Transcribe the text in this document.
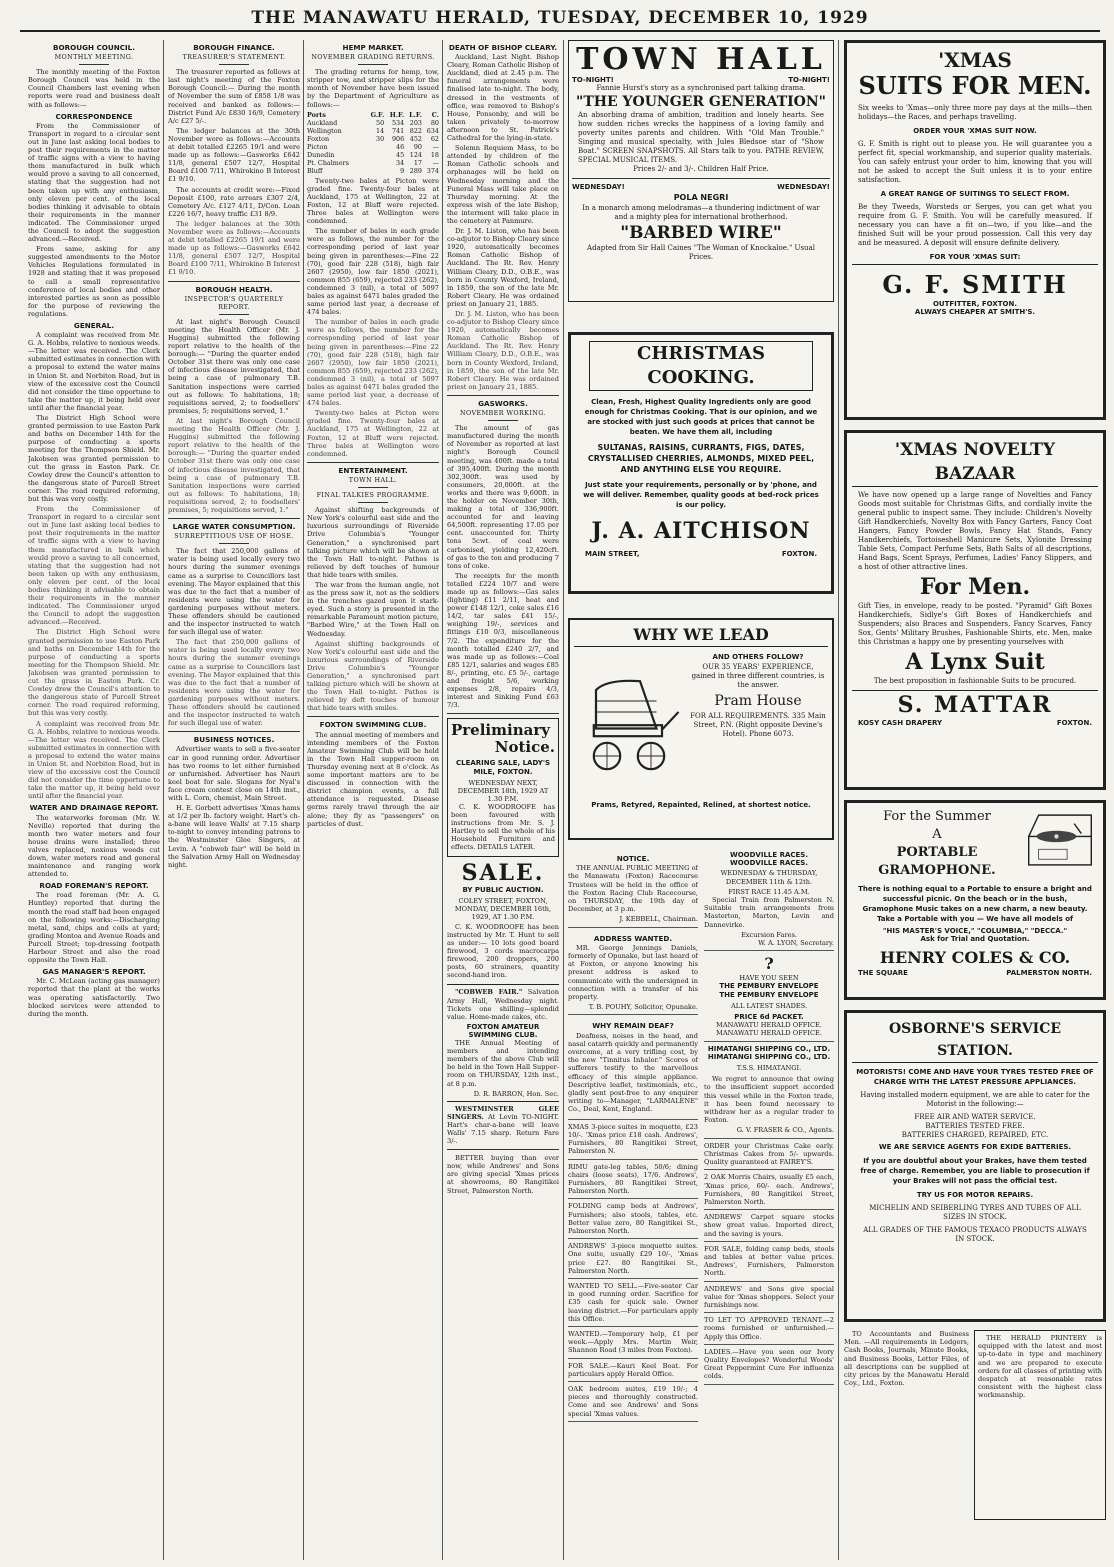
THE MANAWATU HERALD, TUESDAY, DECEMBER 10, 1929
BOROUGH COUNCIL.
MONTHLY MEETING.

The monthly meeting of the Foxton Borough Council was held in the Council Chambers last evening when reports were read and business dealt with as follows:—

CORRESPONDENCE

From the Commissioner of Transport in regard to a circular sent out in June last asking local bodies to post their requirements in the matter of traffic signs with a view to having them manufactured in bulk which would prove a saving to all concerned, stating that the suggestion had not been taken up with any enthusiasm, only eleven per cent. of the local bodies thinking it advisable to obtain their requirements in the manner indicated. The Commissioner urged the Council to adopt the suggestion advanced.—Received.

From same, asking for any suggested amendments to the Motor Vehicles Regulations formulated in 1928 and stating that it was proposed to call a small representative conference of local bodies and other interested parties as soon as possible for the purpose of reviewing the regulations.

GENERAL.

A complaint was received from Mr. G. A. Hobbs, relative to noxious weeds.—The letter was received. The Clerk submitted estimates in connection with a proposal to extend the water mains in Union St. and Norbiton Road, but in view of the excessive cost the Council did not consider the time opportune to take the matter up, it being held over until after the financial year.

The District High School were granted permission to use Easton Park and baths on December 14th for the purpose of conducting a sports meeting for the Thompson Shield. Mr. Jakobsen was granted permission to cut the grass in Easton Park. Cr. Cowley drew the Council's attention to the dangerous state of Purcell Street corner. The road required reforming, but this was very costly.

From the Commissioner of Transport in regard to a circular sent out in June last asking local bodies to post their requirements in the matter of traffic signs with a view to having them manufactured in bulk which would prove a saving to all concerned, stating that the suggestion had not been taken up with any enthusiasm, only eleven per cent. of the local bodies thinking it advisable to obtain their requirements in the manner indicated. The Commissioner urged the Council to adopt the suggestion advanced.—Received.

The District High School were granted permission to use Easton Park and baths on December 14th for the purpose of conducting a sports meeting for the Thompson Shield. Mr. Jakobsen was granted permission to cut the grass in Easton Park. Cr. Cowley drew the Council's attention to the dangerous state of Purcell Street corner. The road required reforming, but this was very costly.

A complaint was received from Mr. G. A. Hobbs, relative to noxious weeds.—The letter was received. The Clerk submitted estimates in connection with a proposal to extend the water mains in Union St. and Norbiton Road, but in view of the excessive cost the Council did not consider the time opportune to take the matter up, it being held over until after the financial year.

WATER AND DRAINAGE REPORT.

The waterworks foreman (Mr. W. Neville) reported that during the month two water meters and four house drains were installed; three valves replaced, noxious weeds cut down, water meters read and general maintenance and ranging work attended to.

ROAD FOREMAN'S REPORT.

The road foreman (Mr. A. G. Huntley) reported that during the month the road staff had been engaged on the following works:—Discharging metal, sand, chips and coils at yard; grading Montoa and Avenue Roads and Purcell Street; top-dressing footpath Harbour Street and also the road opposite the Town Hall.

GAS MANAGER'S REPORT.

Mr. C. McLean (acting gas manager) reported that the plant at the works was operating satisfactorily. Two blocked services were attended to during the month.

BOROUGH FINANCE.
TREASURER'S STATEMENT.

The treasurer reported as follows at last night's meeting of the Foxton Borough Council:— During the month of November the sum of £858 1/8 was received and banked as follows:—District Fund A/c £830 16/9, Cemetery A/c £27 5/-.

The ledger balances at the 30th November were as follows:—Accounts at debit totalled £2265 19/1 and were made up as follows:—Gasworks £642 11/8, general £507 12/7, Hospital Board £100 7/11, Whirokino B Interest £1 9/10.

The accounts at credit were:—Fixed Deposit £100, rate arrears £307 2/4, Cemetery A/c. £127 4/11, D/Con. Loan £226 16/7, heavy traffic £31 8/9.

The ledger balances at the 30th November were as follows:—Accounts at debit totalled £2265 19/1 and were made up as follows:—Gasworks £642 11/8, general £507 12/7, Hospital Board £100 7/11, Whirokino B Interest £1 9/10.

BOROUGH HEALTH.
INSPECTOR'S QUARTERLY REPORT.

At last night's Borough Council meeting the Health Officer (Mr. J. Huggins) submitted the following report relative to the health of the borough:— "During the quarter ended October 31st there was only one case of infectious disease investigated, that being a case of pulmonary T.B. Sanitation inspections were carried out as follows: To habitations, 18; requisitions served, 2; to foodsellers' premises, 5; requisitions served, 1."

At last night's Borough Council meeting the Health Officer (Mr. J. Huggins) submitted the following report relative to the health of the borough:— "During the quarter ended October 31st there was only one case of infectious disease investigated, that being a case of pulmonary T.B. Sanitation inspections were carried out as follows: To habitations, 18; requisitions served, 2; to foodsellers' premises, 5; requisitions served, 1."

LARGE WATER CONSUMPTION.
SURREPTITIOUS USE OF HOSE.

The fact that 250,000 gallons of water is being used locally every two hours during the summer evenings came as a surprise to Councillors last evening. The Mayor explained that this was due to the fact that a number of residents were using the water for gardening purposes without meters. These offenders should be cautioned and the inspector instructed to watch for such illegal use of water.

The fact that 250,000 gallons of water is being used locally every two hours during the summer evenings came as a surprise to Councillors last evening. The Mayor explained that this was due to the fact that a number of residents were using the water for gardening purposes without meters. These offenders should be cautioned and the inspector instructed to watch for such illegal use of water.

BUSINESS NOTICES.

Advertiser wants to sell a five-seater car in good running order. Advertiser has two rooms to let either furnished or unfurnished. Advertiser has Nauri keel boat for sale. Slogans for Nyal's face cream contest close on 14th inst., with L. Corn, chemist, Main Street.

H. E. Gorbett advertises 'Xmas hams at 1/2 per lb. factory weight. Hart's ch-a-bane will leave Walls' at 7.15 sharp to-night to convey intending patrons to the Westminster Glee Singers, at Levin. A "cobweb fair" will be held in the Salvation Army Hall on Wednesday night.

HEMP MARKET.
NOVEMBER GRADING RETURNS.

The grading returns for hemp, tow, stripper tow, and stripper slips for the month of November have been issued by the Department of Agriculture as follows:—

Ports	G.F.	H.F.	L.F.	C.
Auckland	50	534	203	80
Wellington	14	741	822	634
Foxton	30	906	452	62
Picton		46	90	—
Dunedin		45	124	18
Pt. Chalmers		34	17	—
Bluff		9	289	374

Twenty-two bales at Picton were graded fine. Twenty-four bales at Auckland, 175 at Wellington, 22 at Foxton, 12 at Bluff were rejected. Three bales at Wellington were condemned.

The number of bales in each grade were as follows, the number for the corresponding period of last year being given in parentheses:—Fine 22 (70), good fair 228 (518), high fair 2607 (2950), low fair 1850 (2021), common 855 (659), rejected 233 (262), condemned 3 (nil), a total of 5097 bales as against 6471 bales graded the same period last year, a decrease of 474 bales.

The number of bales in each grade were as follows, the number for the corresponding period of last year being given in parentheses:—Fine 22 (70), good fair 228 (518), high fair 2607 (2950), low fair 1850 (2021), common 855 (659), rejected 233 (262), condemned 3 (nil), a total of 5097 bales as against 6471 bales graded the same period last year, a decrease of 474 bales.

Twenty-two bales at Picton were graded fine. Twenty-four bales at Auckland, 175 at Wellington, 22 at Foxton, 12 at Bluff were rejected. Three bales at Wellington were condemned.

ENTERTAINMENT.
TOWN HALL.
FINAL TALKIES PROGRAMME.

Against shifting backgrounds of New York's colourful east side and the luxurious surroundings of Riverside Drive Columbia's "Younger Generation," a synchronised part talking picture which will be shown at the Town Hall to-night. Pathos is relieved by deft touches of humour that hide tears with smiles.

The war from the human angle, not as the press saw it, not as the soldiers in the trenches gazed upon it stark-eyed. Such a story is presented in the remarkable Paramount motion picture, "Barbed Wire," at the Town Hall on Wednesday.

Against shifting backgrounds of New York's colourful east side and the luxurious surroundings of Riverside Drive Columbia's "Younger Generation," a synchronised part talking picture which will be shown at the Town Hall to-night. Pathos is relieved by deft touches of humour that hide tears with smiles.

FOXTON SWIMMING CLUB.

The annual meeting of members and intending members of the Foxton Amateur Swimming Club will be held in the Town Hall supper-room on Thursday evening next at 8 o'clock. As some important matters are to be discussed in connection with the district champion events, a full attendance is requested. Disease germs rarely travel through the air alone; they fly as "passengers" on particles of dust.

DEATH OF BISHOP CLEARY.

Auckland, Last Night. Bishop Cleary, Roman Catholic Bishop of Auckland, died at 2.45 p.m. The funeral arrangements were finalised late to-night. The body, dressed in the vestments of office, was removed to Bishop's House, Ponsonby, and will be taken privately to-morrow afternoon to St. Patrick's Cathedral for the lying-in-state.

Solemn Requiem Mass, to be attended by children of the Roman Catholic schools and orphanages will be held on Wednesday morning and the Funeral Mass will take place on Thursday morning. At the express wish of the late Bishop, the interment will take place in the cemetery at Panmure.

Dr. J. M. Liston, who has been co-adjutor to Bishop Cleary since 1920, automatically becomes Roman Catholic Bishop of Auckland. The Rt. Rev. Henry William Cleary, D.D., O.B.E., was born in County Wexford, Ireland, in 1859, the son of the late Mr. Robert Cleary. He was ordained priest on January 21, 1885.

Dr. J. M. Liston, who has been co-adjutor to Bishop Cleary since 1920, automatically becomes Roman Catholic Bishop of Auckland. The Rt. Rev. Henry William Cleary, D.D., O.B.E., was born in County Wexford, Ireland, in 1859, the son of the late Mr. Robert Cleary. He was ordained priest on January 21, 1885.

GASWORKS.
NOVEMBER WORKING.

The amount of gas manufactured during the month of November as reported at last night's Borough Council meeting, was 400ft. made a total of 395,400ft. During the month 302,300ft. was used by consumers, 20,000ft. at the works and there was 9,600ft. in the holder on November 30th, making a total of 336,900ft. accounted for and leaving 64,500ft. representing 17.05 per cent. unaccounted for. Thirty tons 5cwt. of coal were carbonised, yielding 12,420cft. of gas to the ton and producing 7 tons of coke.

The receipts for the month totalled £224 10/7 and were made up as follows:—Gas sales (lighting) £11 2/11, heat and power £148 12/1, coke sales £16 14/2, tar sales £41 15/-, weighing 19/-, services and fittings £10 0/3, miscellaneous 7/2. The expenditure for the month totalled £240 2/7, and was made up as follows:—Coal £85 12/1, salaries and wages £85 8/-, printing, etc. £5 5/-, cartage and freight 5/6, working expenses 2/8, repairs 4/3, interest and Sinking Fund £63 7/3.

Preliminary
Notice.
CLEARING SALE, LADY'S MILE, FOXTON.
WEDNESDAY NEXT, DECEMBER 18th, 1929 AT 1.30 P.M.

C. K. WOODROOFE has been favoured with instructions from Mr. S. J. Hartley to sell the whole of his Household Furniture and effects. DETAILS LATER.

SALE.
BY PUBLIC AUCTION.
COLEY STREET, FOXTON, MONDAY, DECEMBER 16th, 1929, AT 1.30 P.M.

C. K. WOODROOFE has been instructed by Mr. T. Hunt to sell as under:— 10 lots good board firewood, 3 cords macrocarpa firewood, 200 droppers, 200 posts, 60 strainers, quantity second-hand iron.

"COBWEB FAIR." Salvation Army Hall, Wednesday night. Tickets one shilling—splendid value. Home-made cakes, etc.

FOXTON AMATEUR SWIMMING CLUB.

THE Annual Meeting of members and intending members of the above Club will be held in the Town Hall Supper-room on THURSDAY, 12th inst., at 8 p.m.

D. R. BARRON, Hon. Sec.

WESTMINSTER GLEE SINGERS. At Levin TO-NIGHT. Hart's char-a-bane will leave Walls' 7.15 sharp. Return Fare 3/-.

BETTER buying than ever now, while Andrews' and Sons are giving special 'Xmas prices at showrooms, 80 Rangitikei Street, Palmerston North.

TOWN HALL
TO-NIGHT!	TO-NIGHT!
Fannie Hurst's story as a synchronised part talking drama.
"THE YOUNGER GENERATION"
An absorbing drama of ambition, tradition and lonely hearts. See how sudden riches wrecks the happiness of a loving family and poverty unites parents and children. With "Old Man Trouble." Singing and musical specialty, with Jules Bledsoe star of "Show Boat." SCREEN SNAPSHOTS. All Stars talk to you. PATHE REVIEW, SPECIAL MUSICAL ITEMS.
Prices 2/- and 3/-. Children Half Price.
WEDNESDAY!	WEDNESDAY!
POLA NEGRI
In a monarch among melodramas—a thundering indictment of war and a mighty plea for international brotherhood.
"BARBED WIRE"
Adapted from Sir Hall Caines "The Woman of Knockaloe." Usual Prices.
CHRISTMAS COOKING.
Clean, Fresh, Highest Quality Ingredients only are good enough for Christmas Cooking. That is our opinion, and we are stocked with just such goods at prices that cannot be beaten. We have them all, including
SULTANAS, RAISINS, CURRANTS, FIGS, DATES, CRYSTALLISED CHERRIES, ALMONDS, MIXED PEEL, AND ANYTHING ELSE YOU REQUIRE.
Just state your requirements, personally or by 'phone, and we will deliver. Remember, quality goods at bed-rock prices is our policy.
J. A. AITCHISON
MAIN STREET,	FOXTON.
WHY WE LEAD
AND OTHERS FOLLOW?
OUR 35 YEARS' EXPERIENCE, gained in three different countries, is the answer.
Pram House
FOR ALL REQUIREMENTS. 335 Main Street, P.N. (Right opposite Devine's Hotel). Phone 6073.
Prams, Retyred, Repainted, Relined, at shortest notice.
NOTICE.

THE ANNUAL PUBLIC MEETING of the Manawatu (Foxton) Racecourse Trustees will be held in the office of the Foxton Racing Club Racecourse, on THURSDAY, the 19th day of December, at 3 p.m.

J. KEBBELL, Chairman.
ADDRESS WANTED.

MR. George Jennings Daniels, formerly of Opunake, but last heard of at Foxton, or anyone knowing his present address is asked to communicate with the undersigned in connection with a transfer of his property.

T. B. POUHY, Solicitor, Opunake.
WHY REMAIN DEAF?

Deafness, noises in the head, and nasal catarrh quickly and permanently overcome, at a very trifling cost, by the new "Tinnitus Inhaler." Scores of sufferers testify to the marvellous efficacy of this simple appliance. Descriptive leaflet, testimonials, etc., gladly sent post-free to any enquirer writing to—Manager, "LARMALENE" Co., Deal, Kent, England.

XMAS 3-piece suites in moquette, £23 10/-. 'Xmas price £18 cash. Andrews', Furnishers, 80 Rangitikei Street, Palmerston N.
RIMU gate-leg tables, 50/6; dining chairs (loose seats), 17/6. Andrews', Furnishers, 80 Rangitikei Street, Palmerston North.
FOLDING camp beds at Andrews', Furnishers; also stools, tables, etc. Better value zero, 80 Rangitikei St., Palmerston North.
ANDREWS' 3-piece moquette suites. One suite, usually £29 10/-, 'Xmas price £27. 80 Rangitikei St., Palmerston North.
WANTED TO SELL.—Five-seater Car in good running order. Sacrifice for £35 cash for quick sale. Owner leaving district.—For particulars apply this Office.
WANTED.—Temporary help, £1 per week.—Apply Mrs. Martin Weir, Shannon Road (3 miles from Foxton).
FOR SALE.—Kauri Keel Boat. For particulars apply Herald Office.
OAK bedroom suites, £19 19/-; 4 pieces and thoroughly constructed. Come and see Andrews' and Sons special 'Xmas values.
WOODVILLE RACES.
WOODVILLE RACES.
WEDNESDAY & THURSDAY, DECEMBER 11th & 12th.
FIRST RACE 11.45 A.M.

Special Train from Palmerston N. Suitable train arrangements from Masterton, Marton, Levin and Dannevirke.

Excursion Fares.
W. A. LYON, Secretary.
?
HAVE YOU SEEN
THE PEMBURY ENVELOPE
THE PEMBURY ENVELOPE
ALL LATEST SHADES.
PRICE 6d PACKET.
MANAWATU HERALD OFFICE.
MANAWATU HERALD OFFICE.
HIMATANGI SHIPPING CO., LTD.
HIMATANGI SHIPPING CO., LTD.
T.S.S. HIMATANGI.

We regret to announce that owing to the insufficient support accorded this vessel while in the Foxton trade, it has been found necessary to withdraw her as a regular trader to Foxton.

G. V. FRASER & CO., Agents.
ORDER your Christmas Cake early. Christmas Cakes from 5/- upwards. Quality guaranteed at FAIREY'S.
2 OAK Morris Chairs, usually £5 each, 'Xmas price, 60/- each. Andrews', Furnishers, 80 Rangitikei Street, Palmerston North.
ANDREWS' Carpet square stocks show great value. Imported direct, and the saving is yours.
FOR SALE, folding camp beds, stools and tables at better value prices. Andrews', Furnishers, Palmerston North.
ANDREWS' and Sons give special value for 'Xmas shoppers. Select your furnishings now.
TO LET TO APPROVED TENANT.—2 rooms furnished or unfurnished.—Apply this Office.
LADIES.—Have you seen our Ivory Quality Envelopes? Wonderful Woods' Great Peppermint Cure For influenza colds.
'XMAS
SUITS FOR MEN.
Six weeks to 'Xmas—only three more pay days at the mills—then holidays—the Races, and perhaps travelling.
ORDER YOUR 'XMAS SUIT NOW.
G. F. Smith is right out to please you. He will guarantee you a perfect fit, special workmanship, and superior quality materials. You can safely entrust your order to him, knowing that you will not be asked to accept the Suit unless it is to your entire satisfaction.
A GREAT RANGE OF SUITINGS TO SELECT FROM.
Be they Tweeds, Worsteds or Serges, you can get what you require from G. F. Smith. You will be carefully measured. If necessary you can have a fit on—two, if you like—and the finished Suit will be your proud possession. Call this very day and be measured. A deposit will ensure definite delivery.
FOR YOUR 'XMAS SUIT:
G. F. SMITH
OUTFITTER, FOXTON.
ALWAYS CHEAPER AT SMITH'S.
'XMAS NOVELTY BAZAAR
We have now opened up a large range of Novelties and Fancy Goods most suitable for Christmas Gifts, and cordially invite the general public to inspect same. They include: Children's Novelty Gift Handkerchiefs, Novelty Box with Fancy Garters, Fancy Coat Hangers, Fancy Powder Bowls, Fancy Hat Stands, Fancy Handkerchiefs, Tortoiseshell Manicure Sets, Xylonite Dressing Table Sets, Compact Perfume Sets, Bath Salts of all descriptions, Hand Bags, Scent Sprays, Perfumes, Ladies' Fancy Slippers, and a host of other attractive lines.
For Men.
Gift Ties, in envelope, ready to be posted. "Pyramid" Gift Boxes Handkerchiefs, Sidlye's Gift Boxes of Handkerchiefs and Suspenders; also Braces and Suspenders, Fancy Scarves, Fancy Sox, Gents' Military Brushes, Fashionable Shirts, etc. Men, make this Christmas a happy one by presenting yourselves with
A Lynx Suit
The best proposition in fashionable Suits to be procured.
S. MATTAR
KOSY CASH DRAPERY	FOXTON.
For the Summer
A
PORTABLE
GRAMOPHONE.
There is nothing equal to a Portable to ensure a bright and successful picnic. On the beach or in the bush, Gramophone Music takes on a new charm, a new beauty. Take a Portable with you — We have all models of
"HIS MASTER'S VOICE," "COLUMBIA," "DECCA."
Ask for Trial and Quotation.
HENRY COLES & CO.
THE SQUARE	PALMERSTON NORTH.
OSBORNE'S SERVICE STATION.
MOTORISTS! COME AND HAVE YOUR TYRES TESTED FREE OF CHARGE WITH THE LATEST PRESSURE APPLIANCES.
Having installed modern equipment, we are able to cater for the Motorist in the following:—
FREE AIR AND WATER SERVICE.
BATTERIES TESTED FREE.
BATTERIES CHARGED, REPAIRED, ETC.
WE ARE SERVICE AGENTS FOR EXIDE BATTERIES.
If you are doubtful about your Brakes, have them tested free of charge. Remember, you are liable to prosecution if your Brakes will not pass the official test.
TRY US FOR MOTOR REPAIRS.
MICHELIN AND SEIBERLING TYRES AND TUBES OF ALL SIZES IN STOCK.
ALL GRADES OF THE FAMOUS TEXACO PRODUCTS ALWAYS IN STOCK.

TO Accountants and Business Men. —All requirements in Ledgers, Cash Books, Journals, Minute Books, and Business Books, Letter Files, of all descriptions can be supplied at city prices by the Manawatu Herald Coy., Ltd., Foxton.

THE HERALD PRINTERY is equipped with the latest and most up-to-date in type and machinery and we are prepared to execute orders for all classes of printing with despatch at reasonable rates consistent with the highest class workmanship.
